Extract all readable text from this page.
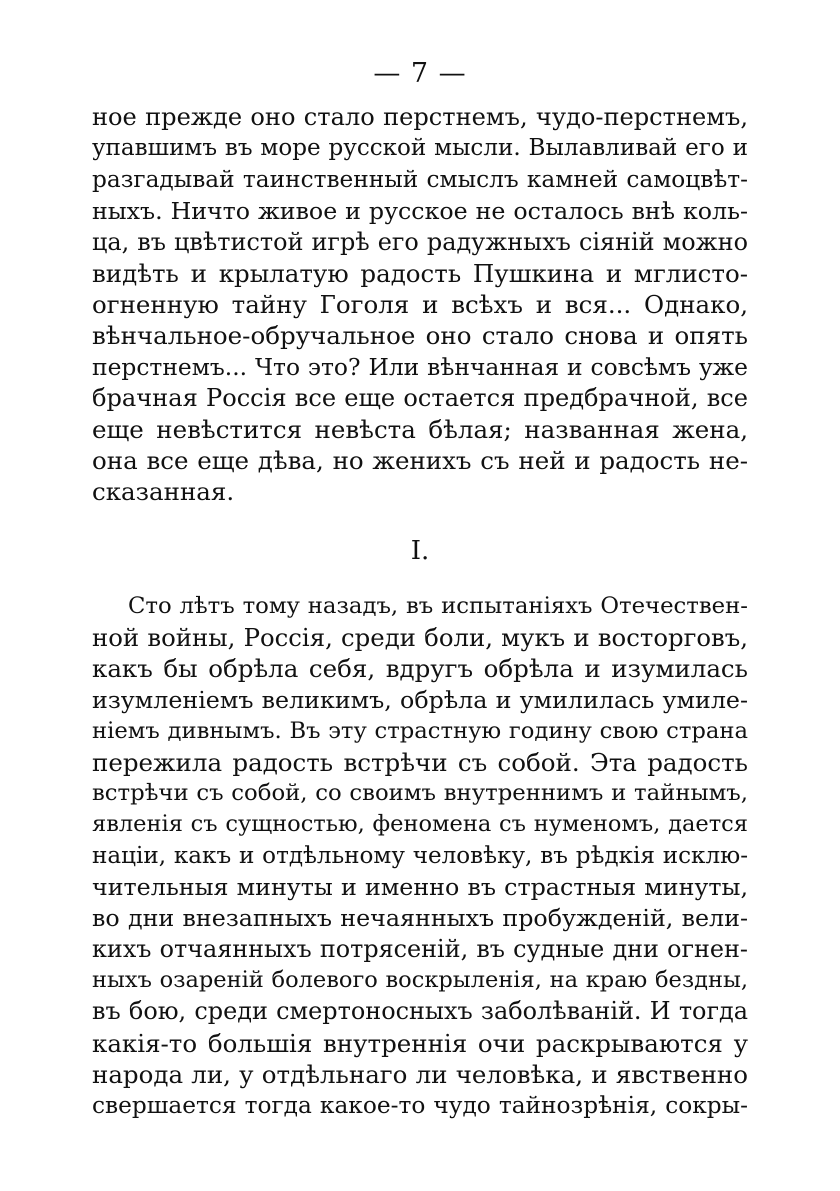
— 7 —
ное прежде оно стало перстнемъ, чудо-перстнемъ,
упавшимъ въ море русской мысли. Вылавливай его и
разгадывай таинственный смыслъ камней самоцвѣт-
ныхъ. Ничто живое и русское не осталось внѣ коль-
ца, въ цвѣтистой игрѣ его радужныхъ сіяній можно
видѣть и крылатую радость Пушкина и мглисто-
огненную тайну Гоголя и всѣхъ и вся... Однако,
вѣнчальное-обручальное оно стало снова и опять
перстнемъ... Что это? Или вѣнчанная и совсѣмъ уже
брачная Россія все еще остается предбрачной, все
еще невѣстится невѣста бѣлая; названная жена,
она все еще дѣва, но женихъ съ ней и радость не-
сказанная.
I.
Сто лѣтъ тому назадъ, въ испытаніяхъ Отечествен-
ной войны, Россія, среди боли, мукъ и восторговъ,
какъ бы обрѣла себя, вдругъ обрѣла и изумилась
изумленіемъ великимъ, обрѣла и умилилась умиле-
ніемъ дивнымъ. Въ эту страстную годину свою страна
пережила радость встрѣчи съ собой. Эта радость
встрѣчи съ собой, со своимъ внутреннимъ и тайнымъ,
явленія съ сущностью, феномена съ нуменомъ, дается
націи, какъ и отдѣльному человѣку, въ рѣдкія исклю-
чительныя минуты и именно въ страстныя минуты,
во дни внезапныхъ нечаянныхъ пробужденій, вели-
кихъ отчаянныхъ потрясеній, въ судные дни огнен-
ныхъ озареній болевого воскрыленія, на краю бездны,
въ бою, среди смертоносныхъ заболѣваній. И тогда
какія-то большія внутреннія очи раскрываются у
народа ли, у отдѣльнаго ли человѣка, и явственно
свершается тогда какое-то чудо тайнозрѣнія, сокры-
